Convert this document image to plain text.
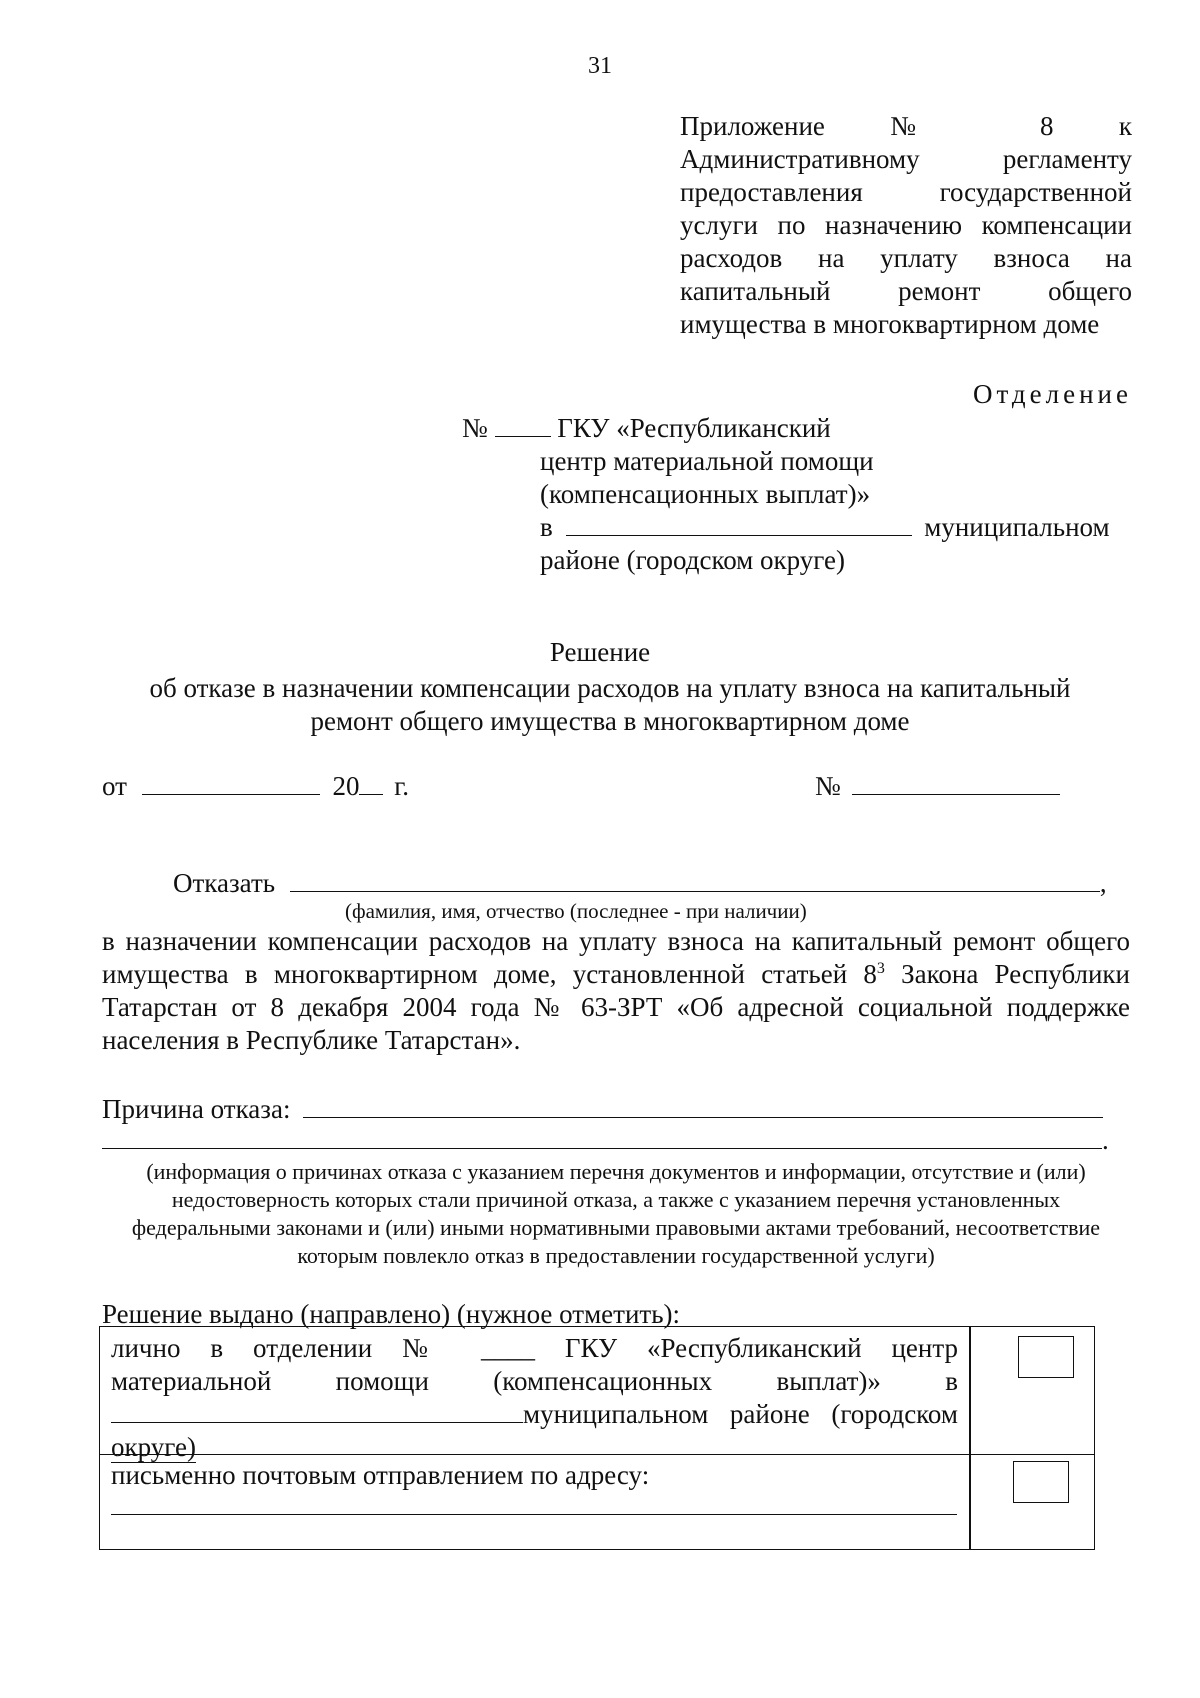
31
Приложение № 8 к
Административному регламенту предоставления государственной услуги по назначению компенсации расходов на уплату взноса на капитальный ремонт общего имущества в многоквартирном доме
Отделение
№	ГКУ «Республиканский
центр материальной помощи
(компенсационных выплат)»
в	муниципальном
районе (городском округе)
Решение
об отказе в назначении компенсации расходов на уплату взноса на капитальный ремонт общего имущества в многоквартирном доме
от	20 г.	№
Отказать	,
(фамилия, имя, отчество (последнее - при наличии)
в назначении компенсации расходов на уплату взноса на капитальный ремонт общего
имущества в многоквартирном доме, установленной статьей $8^3$ Закона Республики
Татарстан от 8 декабря 2004 года № 63-ЗРТ «Об адресной социальной поддержке
населения в Республике Татарстан».
Причина отказа:
.
(информация о причинах отказа с указанием перечня документов и информации, отсутствие и (или) недостоверность которых стали причиной отказа, а также с указанием перечня установленных федеральными законами и (или) иными нормативными правовыми актами требований, несоответствие которым повлекло отказ в предоставлении государственной услуги)
Решение выдано (направлено) (нужное отметить):
лично в отделении № ____ ГКУ «Республиканский центр
материальной помощи (компенсационных выплат)» в
муниципальном районе (городском
округе)
письменно почтовым отправлением по адресу:
